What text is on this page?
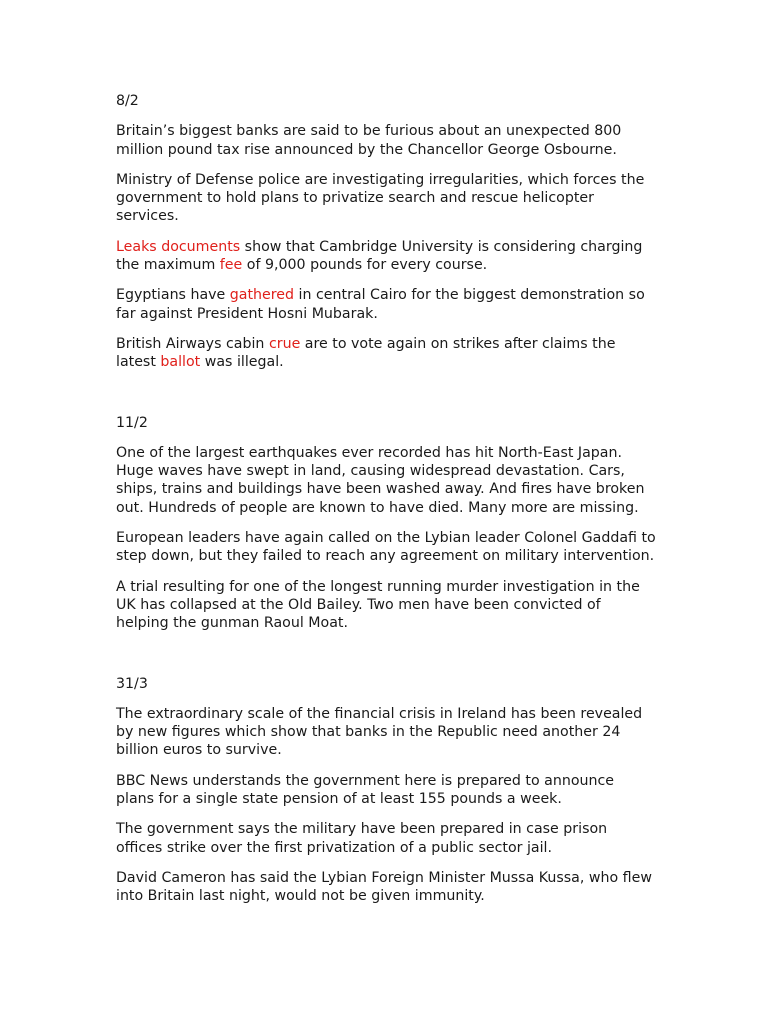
8/2

Britain’s biggest banks are said to be furious about an unexpected 800 million pound tax rise announced by the Chancellor George Osbourne.

Ministry of Defense police are investigating irregularities, which forces the government to hold plans to privatize search and rescue helicopter services.

Leaks documents show that Cambridge University is considering charging the maximum fee of 9,000 pounds for every course.

Egyptians have gathered in central Cairo for the biggest demonstration so far against President Hosni Mubarak.

British Airways cabin crue are to vote again on strikes after claims the latest ballot was illegal.

11/2

One of the largest earthquakes ever recorded has hit North-East Japan. Huge waves have swept in land, causing widespread devastation. Cars, ships, trains and buildings have been washed away. And fires have broken out. Hundreds of people are known to have died. Many more are missing.

European leaders have again called on the Lybian leader Colonel Gaddafi to step down, but they failed to reach any agreement on military intervention.

A trial resulting for one of the longest running murder investigation in the UK has collapsed at the Old Bailey. Two men have been convicted of helping the gunman Raoul Moat.

31/3

The extraordinary scale of the financial crisis in Ireland has been revealed by new figures which show that banks in the Republic need another 24 billion euros to survive.

BBC News understands the government here is prepared to announce plans for a single state pension of at least 155 pounds a week.

The government says the military have been prepared in case prison offices strike over the first privatization of a public sector jail.

David Cameron has said the Lybian Foreign Minister Mussa Kussa, who flew into Britain last night, would not be given immunity.
